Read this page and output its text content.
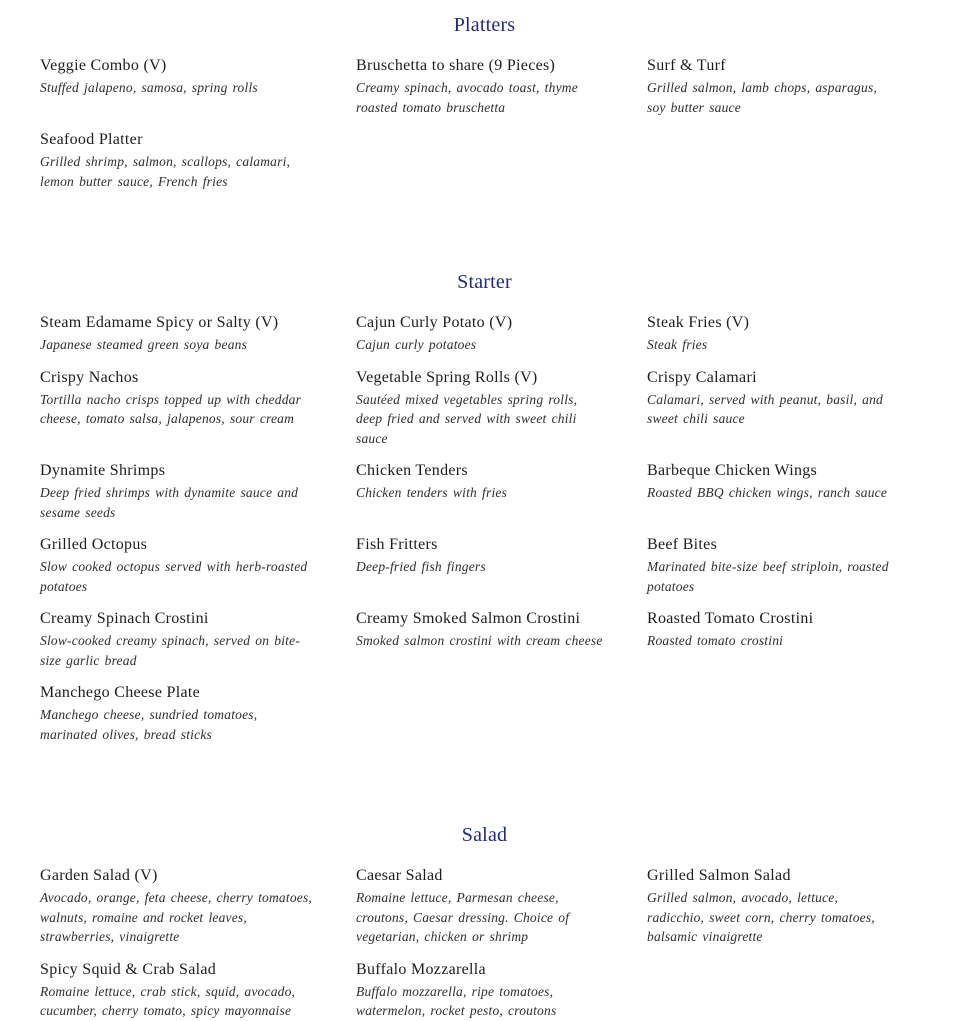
Platters
Veggie Combo (V)
Stuffed jalapeno, samosa, spring rolls
Bruschetta to share (9 Pieces)
Creamy spinach, avocado toast, thyme roasted tomato bruschetta
Surf & Turf
Grilled salmon, lamb chops, asparagus, soy butter sauce
Seafood Platter
Grilled shrimp, salmon, scallops, calamari, lemon butter sauce, French fries
Starter
Steam Edamame Spicy or Salty (V)
Japanese steamed green soya beans
Cajun Curly Potato (V)
Cajun curly potatoes
Steak Fries (V)
Steak fries
Crispy Nachos
Tortilla nacho crisps topped up with cheddar cheese, tomato salsa, jalapenos, sour cream
Vegetable Spring Rolls (V)
Sautéed mixed vegetables spring rolls, deep fried and served with sweet chili sauce
Crispy Calamari
Calamari, served with peanut, basil, and sweet chili sauce
Dynamite Shrimps
Deep fried shrimps with dynamite sauce and sesame seeds
Chicken Tenders
Chicken tenders with fries
Barbeque Chicken Wings
Roasted BBQ chicken wings, ranch sauce
Grilled Octopus
Slow cooked octopus served with herb-roasted potatoes
Fish Fritters
Deep-fried fish fingers
Beef Bites
Marinated bite-size beef striploin, roasted potatoes
Creamy Spinach Crostini
Slow-cooked creamy spinach, served on bite-size garlic bread
Creamy Smoked Salmon Crostini
Smoked salmon crostini with cream cheese
Roasted Tomato Crostini
Roasted tomato crostini
Manchego Cheese Plate
Manchego cheese, sundried tomatoes, marinated olives, bread sticks
Salad
Garden Salad (V)
Avocado, orange, feta cheese, cherry tomatoes, walnuts, romaine and rocket leaves, strawberries, vinaigrette
Caesar Salad
Romaine lettuce, Parmesan cheese, croutons, Caesar dressing. Choice of vegetarian, chicken or shrimp
Grilled Salmon Salad
Grilled salmon, avocado, lettuce, radicchio, sweet corn, cherry tomatoes, balsamic vinaigrette
Spicy Squid & Crab Salad
Romaine lettuce, crab stick, squid, avocado, cucumber, cherry tomato, spicy mayonnaise
Buffalo Mozzarella
Buffalo mozzarella, ripe tomatoes, watermelon, rocket pesto, croutons
